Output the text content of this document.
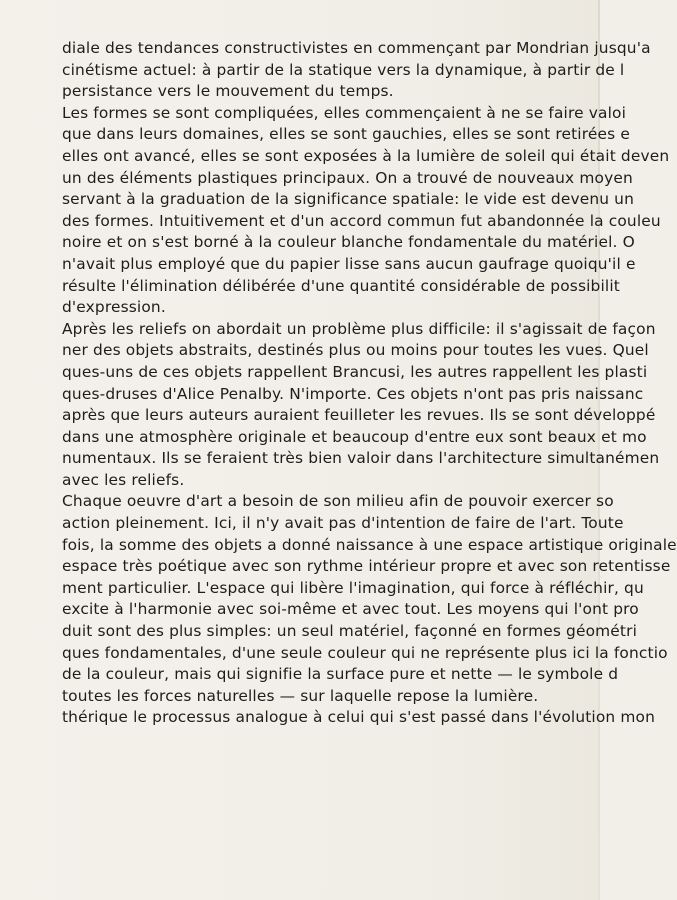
diale des tendances constructivistes en commençant par Mondrian jusqu'a
cinétisme actuel: à partir de la statique vers la dynamique, à partir de l
persistance vers le mouvement du temps.
Les formes se sont compliquées, elles commençaient à ne se faire valoi
que dans leurs domaines, elles se sont gauchies, elles se sont retirées e
elles ont avancé, elles se sont exposées à la lumière de soleil qui était deven
un des éléments plastiques principaux. On a trouvé de nouveaux moyen
servant à la graduation de la significance spatiale: le vide est devenu un
des formes. Intuitivement et d'un accord commun fut abandonnée la couleu
noire et on s'est borné à la couleur blanche fondamentale du matériel. O
n'avait plus employé que du papier lisse sans aucun gaufrage quoiqu'il e
résulte l'élimination délibérée d'une quantité considérable de possibilit
d'expression.
Après les reliefs on abordait un problème plus difficile: il s'agissait de façon
ner des objets abstraits, destinés plus ou moins pour toutes les vues. Quel
ques-uns de ces objets rappellent Brancusi, les autres rappellent les plasti
ques-druses d'Alice Penalby. N'importe. Ces objets n'ont pas pris naissanc
après que leurs auteurs auraient feuilleter les revues. Ils se sont développé
dans une atmosphère originale et beaucoup d'entre eux sont beaux et mo
numentaux. Ils se feraient très bien valoir dans l'architecture simultanémen
avec les reliefs.
Chaque oeuvre d'art a besoin de son milieu afin de pouvoir exercer so
action pleinement. Ici, il n'y avait pas d'intention de faire de l'art. Toute
fois, la somme des objets a donné naissance à une espace artistique originale
espace très poétique avec son rythme intérieur propre et avec son retentisse
ment particulier. L'espace qui libère l'imagination, qui force à réfléchir, qu
excite à l'harmonie avec soi-même et avec tout. Les moyens qui l'ont pro
duit sont des plus simples: un seul matériel, façonné en formes géométri
ques fondamentales, d'une seule couleur qui ne représente plus ici la fonctio
de la couleur, mais qui signifie la surface pure et nette — le symbole d
toutes les forces naturelles — sur laquelle repose la lumière.
thérique le processus analogue à celui qui s'est passé dans l'évolution mon
